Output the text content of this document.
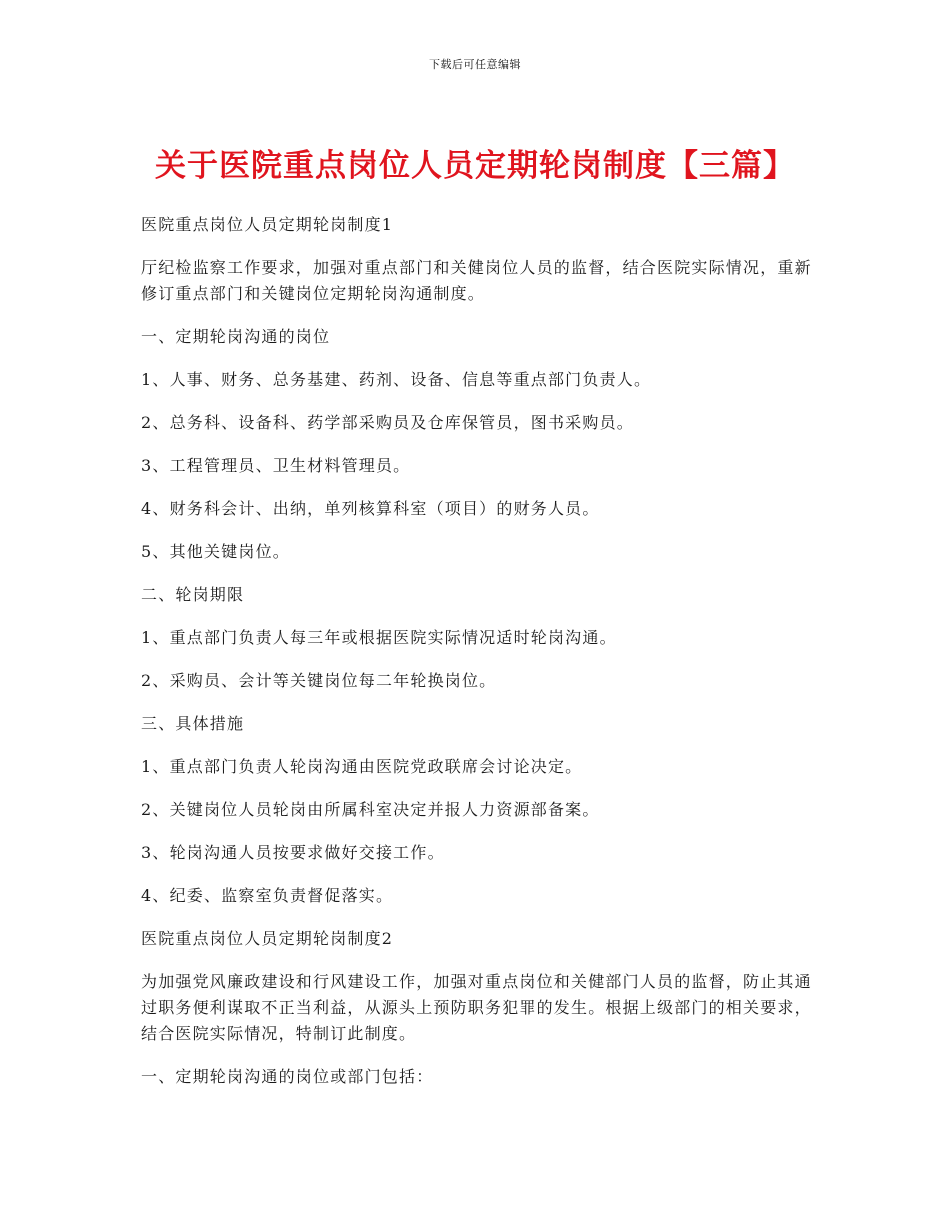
下载后可任意编辑
关于医院重点岗位人员定期轮岗制度【三篇】

医院重点岗位人员定期轮岗制度1

厅纪检监察工作要求，加强对重点部门和关健岗位人员的监督，结合医院实际情况，重新修订重点部门和关键岗位定期轮岗沟通制度。

一、定期轮岗沟通的岗位

1、人事、财务、总务基建、药剂、设备、信息等重点部门负责人。

2、总务科、设备科、药学部采购员及仓库保管员，图书采购员。

3、工程管理员、卫生材料管理员。

4、财务科会计、出纳，单列核算科室（项目）的财务人员。

5、其他关键岗位。

二、轮岗期限

1、重点部门负责人每三年或根据医院实际情况适时轮岗沟通。

2、采购员、会计等关键岗位每二年轮换岗位。

三、具体措施

1、重点部门负责人轮岗沟通由医院党政联席会讨论决定。

2、关键岗位人员轮岗由所属科室决定并报人力资源部备案。

3、轮岗沟通人员按要求做好交接工作。

4、纪委、监察室负责督促落实。

医院重点岗位人员定期轮岗制度2

为加强党风廉政建设和行风建设工作，加强对重点岗位和关健部门人员的监督，防止其通过职务便利谋取不正当利益，从源头上预防职务犯罪的发生。根据上级部门的相关要求，结合医院实际情况，特制订此制度。

一、定期轮岗沟通的岗位或部门包括：
